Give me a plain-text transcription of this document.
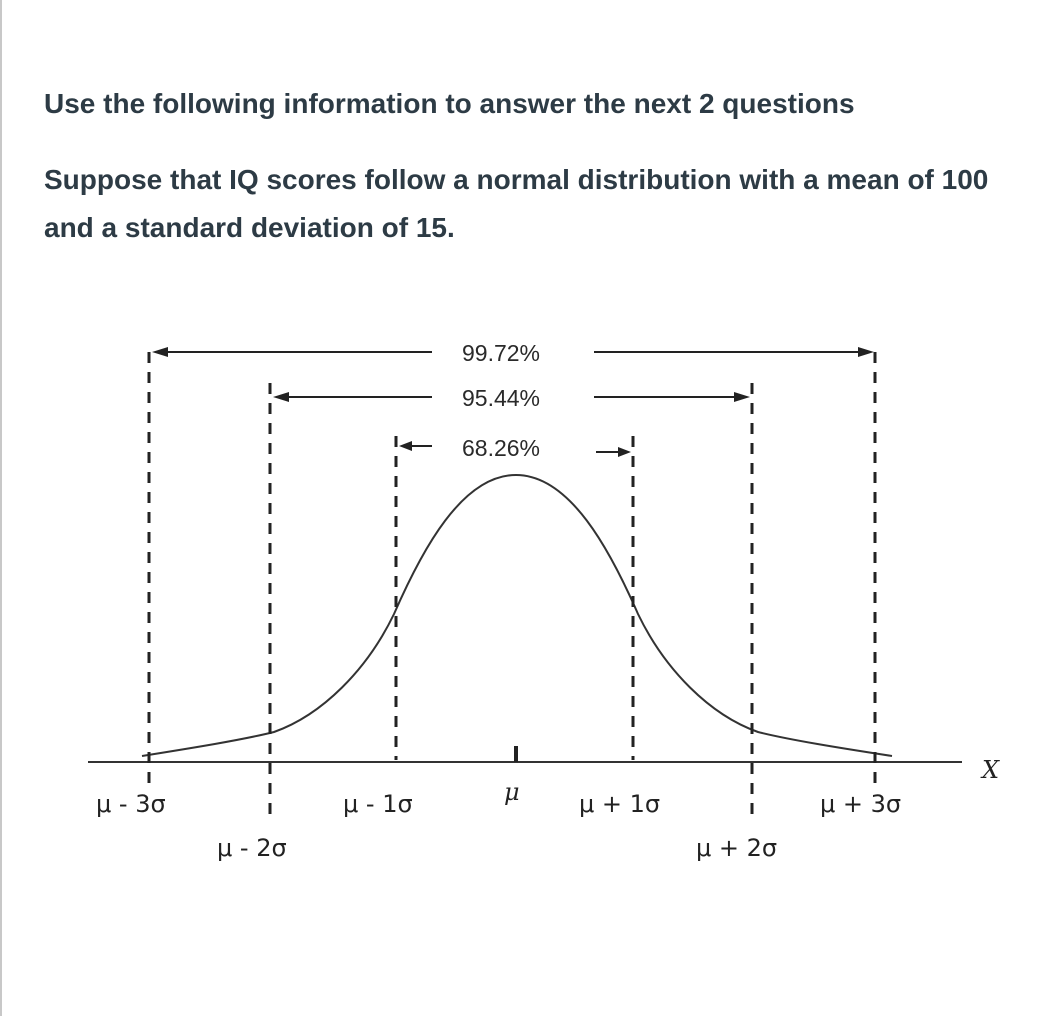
Use the following information to answer the next 2 questions

Suppose that IQ scores follow a normal distribution with a mean of 100 and a standard deviation of 15.

X
99.72%
95.44%
68.26%
μ - 3σ
μ - 2σ
μ - 1σ	μ μ + 1σ
μ + 2σ
μ + 3σ
